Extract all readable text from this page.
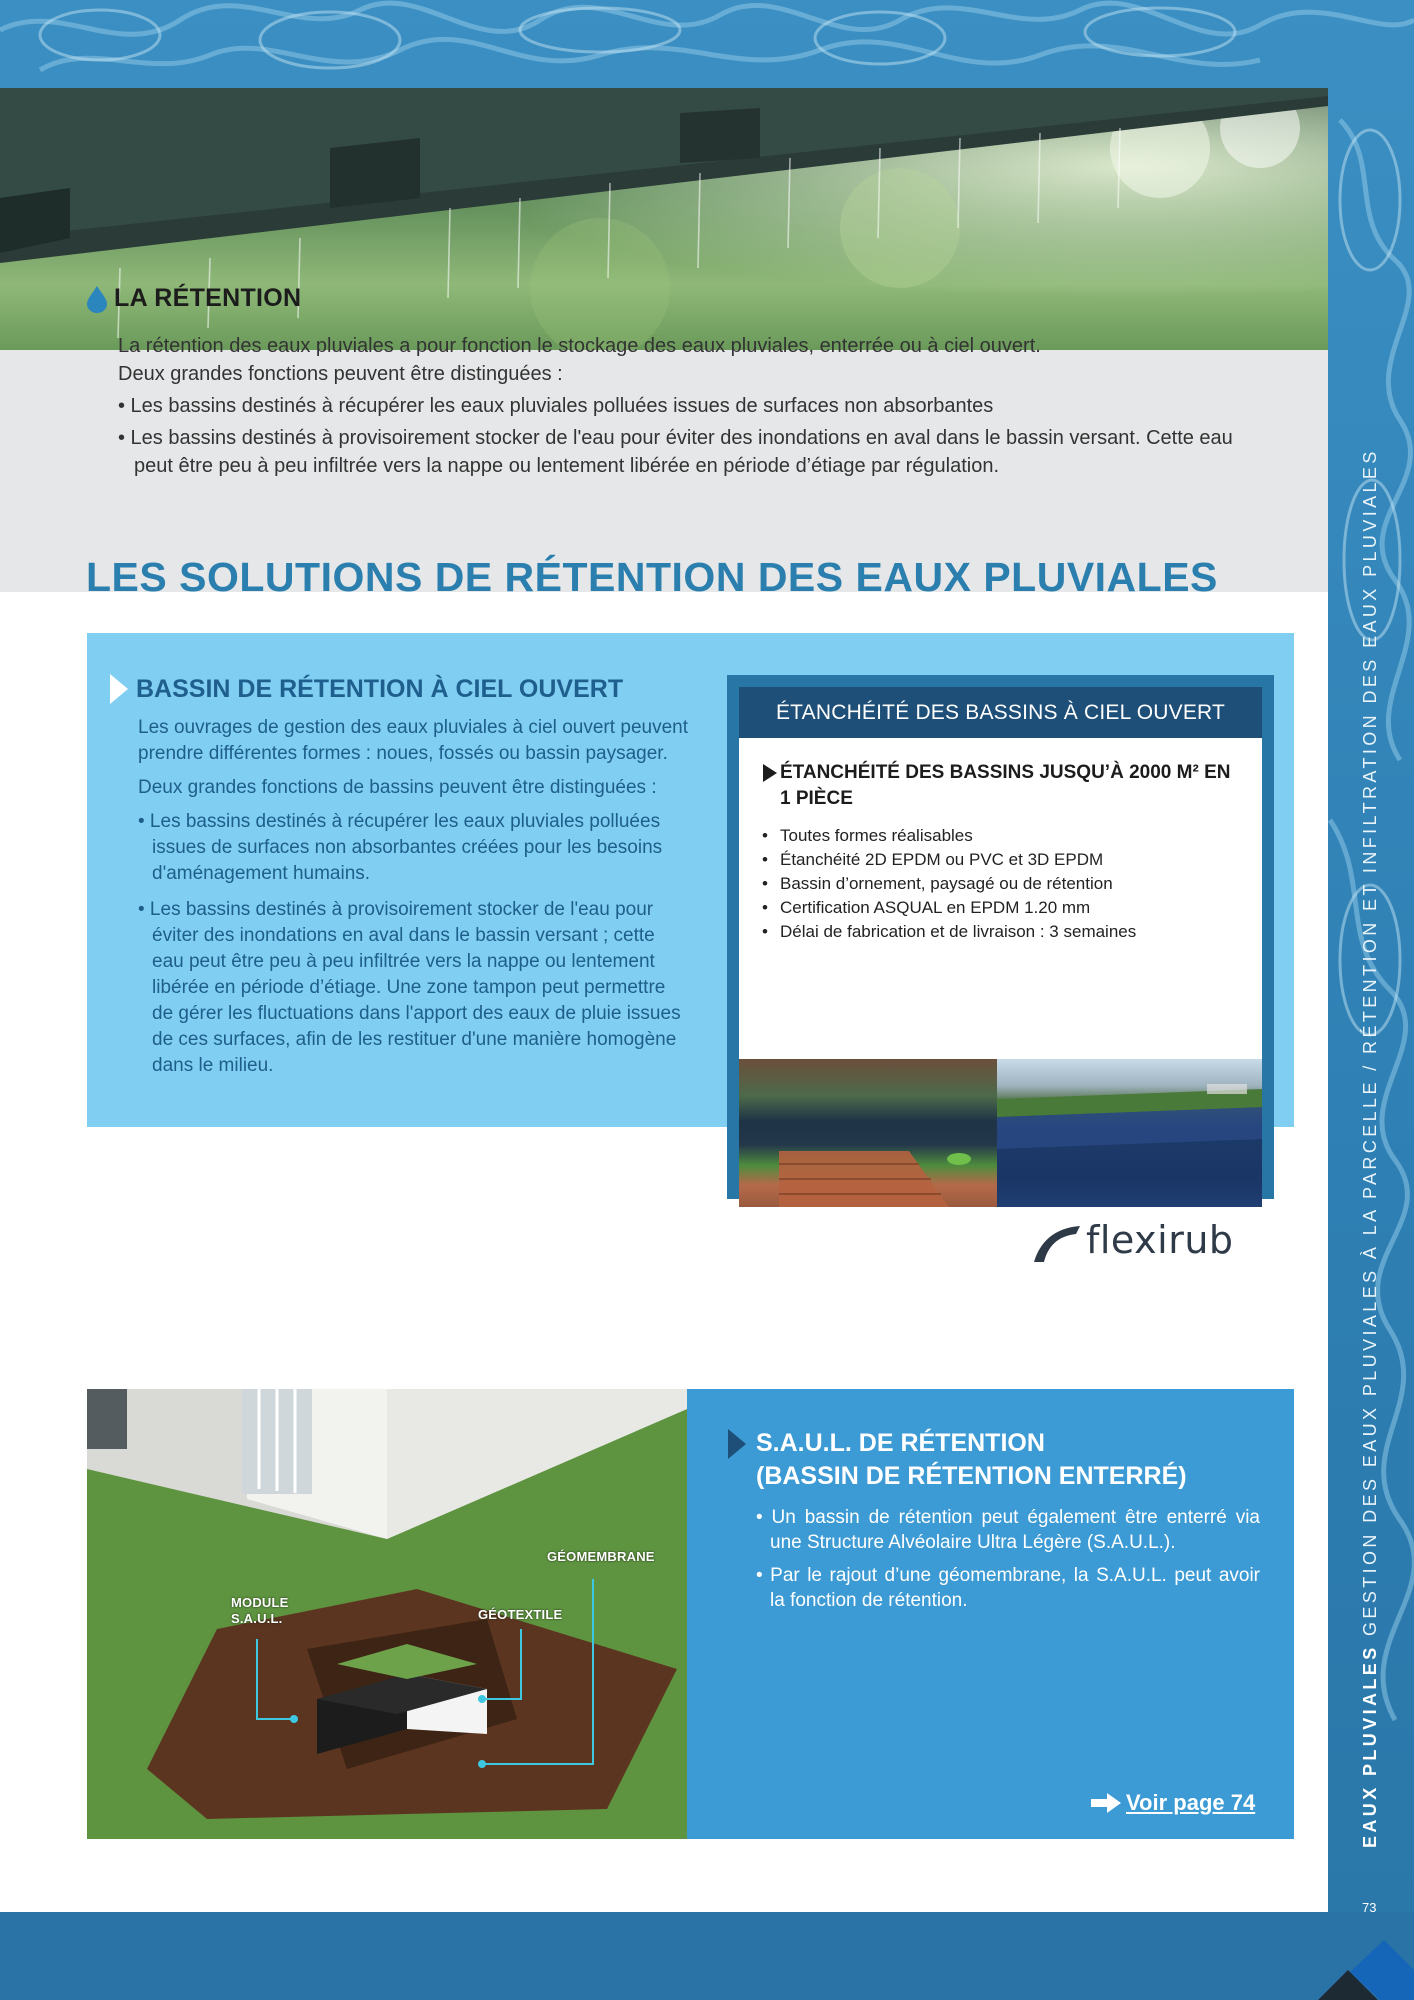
LA RÉTENTION

La rétention des eaux pluviales a pour fonction le stockage des eaux pluviales, enterrée ou à ciel ouvert.

Deux grandes fonctions peuvent être distinguées :

• Les bassins destinés à récupérer les eaux pluviales polluées issues de surfaces non absorbantes

• Les bassins destinés à provisoirement stocker de l'eau pour éviter des inondations en aval dans le bassin versant. Cette eau peut être peu à peu infiltrée vers la nappe ou lentement libérée en période d’étiage par régulation.

LES SOLUTIONS DE RÉTENTION DES EAUX PLUVIALES
BASSIN DE RÉTENTION À CIEL OUVERT

Les ouvrages de gestion des eaux pluviales à ciel ouvert peuvent prendre différentes formes : noues, fossés ou bassin paysager.

Deux grandes fonctions de bassins peuvent être distinguées :

• Les bassins destinés à récupérer les eaux pluviales polluées issues de surfaces non absorbantes créées pour les besoins d'aménagement humains.

• Les bassins destinés à provisoirement stocker de l'eau pour éviter des inondations en aval dans le bassin versant ; cette eau peut être peu à peu infiltrée vers la nappe ou lentement libérée en période d’étiage. Une zone tampon peut permettre de gérer les fluctuations dans l'apport des eaux de pluie issues de ces surfaces, afin de les restituer d'une manière homogène dans le milieu.

ÉTANCHÉITÉ DES BASSINS À CIEL OUVERT
ÉTANCHÉITÉ DES BASSINS JUSQU’À 2000 M² EN 1 PIÈCE
• Toutes formes réalisables
• Étanchéité 2D EPDM ou PVC et 3D EPDM
• Bassin d’ornement, paysagé ou de rétention
• Certification ASQUAL en EPDM 1.20 mm
• Délai de fabrication et de livraison : 3 semaines
flexirub
MODULE
S.A.U.L.	GÉOTEXTILE
GÉOMEMBRANE
S.A.U.L. DE RÉTENTION
(BASSIN DE RÉTENTION ENTERRÉ)

• Un bassin de rétention peut également être enterré via une Structure Alvéolaire Ultra Légère (S.A.U.L.).

• Par le rajout d’une géomembrane, la S.A.U.L. peut avoir la fonction de rétention.

Voir page 74	EAUX PLUVIALES GESTION DES EAUX PLUVIALES À LA PARCELLE / RÉTENTION ET INFILTRATION DES EAUX PLUVIALES
73
